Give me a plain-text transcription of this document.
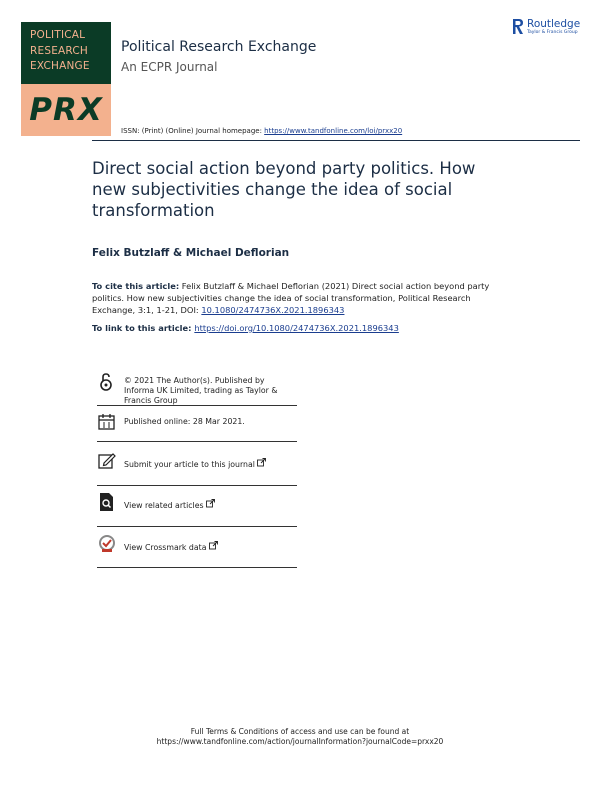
POLITICAL
RESEARCH
EXCHANGE
PRX
Political Research Exchange
An ECPR Journal
Routledge
Taylor & Francis Group
ISSN: (Print) (Online) Journal homepage: https://www.tandfonline.com/loi/prxx20
Direct social action beyond party politics. How new subjectivities change the idea of social transformation
Felix Butzlaff & Michael Deflorian
To cite this article: Felix Butzlaff & Michael Deflorian (2021) Direct social action beyond party politics. How new subjectivities change the idea of social transformation, Political Research Exchange, 3:1, 1-21, DOI: 10.1080/2474736X.2021.1896343
To link to this article: https://doi.org/10.1080/2474736X.2021.1896343
© 2021 The Author(s). Published by Informa UK Limited, trading as Taylor & Francis Group
Published online: 28 Mar 2021.
Submit your article to this journal
View related articles
View Crossmark data
Full Terms & Conditions of access and use can be found at
https://www.tandfonline.com/action/journalInformation?journalCode=prxx20
